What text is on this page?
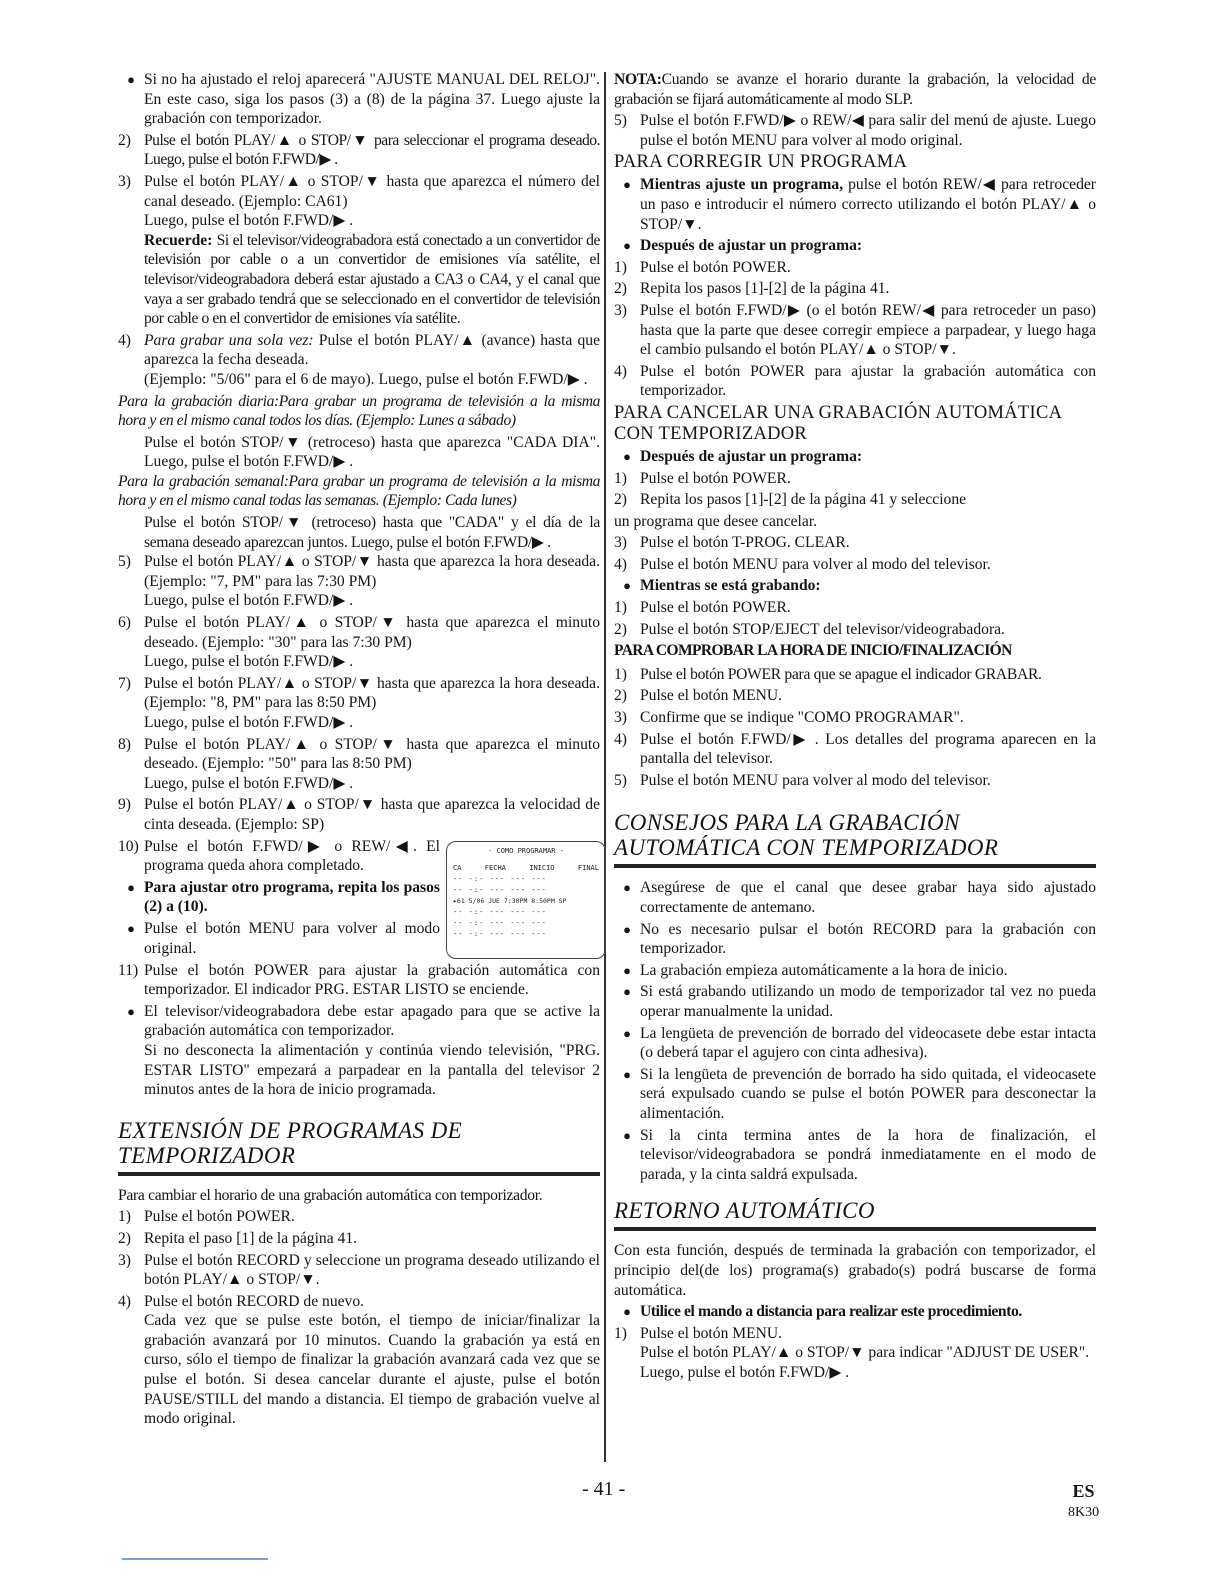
● Si no ha ajustado el reloj aparecerá "AJUSTE MANUAL DEL RELOJ". En este caso, siga los pasos (3) a (8) de la página 37. Luego ajuste la grabación con temporizador.
2) Pulse el botón PLAY/▲ o STOP/▼ para seleccionar el programa deseado. Luego, pulse el botón F.FWD/▶ .
3) Pulse el botón PLAY/▲ o STOP/▼ hasta que aparezca el número del canal deseado. (Ejemplo: CA61)
Luego, pulse el botón F.FWD/▶ .
Recuerde: Si el televisor/videograbadora está conectado a un convertidor de televisión por cable o a un convertidor de emisiones vía satélite, el televisor/videograbadora deberá estar ajustado a CA3 o CA4, y el canal que vaya a ser grabado tendrá que se seleccionado en el convertidor de televisión por cable o en el convertidor de emisiones vía satélite.
4) Para grabar una sola vez: Pulse el botón PLAY/▲ (avance) hasta que aparezca la fecha deseada.
(Ejemplo: "5/06" para el 6 de mayo). Luego, pulse el botón F.FWD/▶ .
Para la grabación diaria:Para grabar un programa de televisión a la misma hora y en el mismo canal todos los días. (Ejemplo: Lunes a sábado)
Pulse el botón STOP/▼ (retroceso) hasta que aparezca "CADA DIA". Luego, pulse el botón F.FWD/▶ .
Para la grabación semanal:Para grabar un programa de televisión a la misma hora y en el mismo canal todas las semanas. (Ejemplo: Cada lunes)
Pulse el botón STOP/▼ (retroceso) hasta que "CADA" y el día de la semana deseado aparezcan juntos. Luego, pulse el botón F.FWD/▶ .
5) Pulse el botón PLAY/▲ o STOP/▼ hasta que aparezca la hora deseada. (Ejemplo: "7, PM" para las 7:30 PM)
Luego, pulse el botón F.FWD/▶ .
6) Pulse el botón PLAY/▲ o STOP/▼ hasta que aparezca el minuto deseado. (Ejemplo: "30" para las 7:30 PM)
Luego, pulse el botón F.FWD/▶ .
7) Pulse el botón PLAY/▲ o STOP/▼ hasta que aparezca la hora deseada. (Ejemplo: "8, PM" para las 8:50 PM)
Luego, pulse el botón F.FWD/▶ .
8) Pulse el botón PLAY/▲ o STOP/▼ hasta que aparezca el minuto deseado. (Ejemplo: "50" para las 8:50 PM)
Luego, pulse el botón F.FWD/▶ .
9) Pulse el botón PLAY/▲ o STOP/▼ hasta que aparezca la velocidad de cinta deseada. (Ejemplo: SP)
- COMO PROGRAMAR -
CA	FECHA	INICIO	FINAL
-- -:- --- --- ---
-- -:- --- --- ---
▸61 5/06 JUE 7:30PM 8:50PM SP
-- -:- --- --- ---
-- -:- --- --- ---
-- -:- --- --- ---
10) Pulse el botón F.FWD/▶ o REW/◀. El programa queda ahora completado.
● Para ajustar otro programa, repita los pasos (2) a (10).
● Pulse el botón MENU para volver al modo original.
11) Pulse el botón POWER para ajustar la grabación automática con temporizador. El indicador PRG. ESTAR LISTO se enciende.
● El televisor/videograbadora debe estar apagado para que se active la grabación automática con temporizador.
Si no desconecta la alimentación y continúa viendo televisión, "PRG. ESTAR LISTO" empezará a parpadear en la pantalla del televisor 2 minutos antes de la hora de inicio programada.
EXTENSIÓN DE PROGRAMAS DE TEMPORIZADOR
Para cambiar el horario de una grabación automática con temporizador.
1) Pulse el botón POWER.
2) Repita el paso [1] de la página 41.
3) Pulse el botón RECORD y seleccione un programa deseado utilizando el botón PLAY/▲ o STOP/▼.
4) Pulse el botón RECORD de nuevo.
Cada vez que se pulse este botón, el tiempo de iniciar/finalizar la grabación avanzará por 10 minutos. Cuando la grabación ya está en curso, sólo el tiempo de finalizar la grabación avanzará cada vez que se pulse el botón. Si desea cancelar durante el ajuste, pulse el botón PAUSE/STILL del mando a distancia. El tiempo de grabación vuelve al modo original.
NOTA:Cuando se avanze el horario durante la grabación, la velocidad de grabación se fijará automáticamente al modo SLP.
5) Pulse el botón F.FWD/▶ o REW/◀ para salir del menú de ajuste. Luego pulse el botón MENU para volver al modo original.
PARA CORREGIR UN PROGRAMA
● Mientras ajuste un programa, pulse el botón REW/◀ para retroceder un paso e introducir el número correcto utilizando el botón PLAY/▲ o STOP/▼.
● Después de ajustar un programa:
1) Pulse el botón POWER.
2) Repita los pasos [1]-[2] de la página 41.
3) Pulse el botón F.FWD/▶ (o el botón REW/◀ para retroceder un paso) hasta que la parte que desee corregir empiece a parpadear, y luego haga el cambio pulsando el botón PLAY/▲ o STOP/▼.
4) Pulse el botón POWER para ajustar la grabación automática con temporizador.
PARA CANCELAR UNA GRABACIÓN AUTOMÁTICA CON TEMPORIZADOR
● Después de ajustar un programa:
1) Pulse el botón POWER.
2) Repita los pasos [1]-[2] de la página 41 y seleccione
un programa que desee cancelar.
3) Pulse el botón T-PROG. CLEAR.
4) Pulse el botón MENU para volver al modo del televisor.
● Mientras se está grabando:
1) Pulse el botón POWER.
2) Pulse el botón STOP/EJECT del televisor/videograbadora.
PARA COMPROBAR LA HORA DE INICIO/FINALIZACIÓN
1) Pulse el botón POWER para que se apague el indicador GRABAR.
2) Pulse el botón MENU.
3) Confirme que se indique "COMO PROGRAMAR".
4) Pulse el botón F.FWD/▶ . Los detalles del programa aparecen en la pantalla del televisor.
5) Pulse el botón MENU para volver al modo del televisor.
CONSEJOS PARA LA GRABACIÓN AUTOMÁTICA CON TEMPORIZADOR
● Asegúrese de que el canal que desee grabar haya sido ajustado correctamente de antemano.
● No es necesario pulsar el botón RECORD para la grabación con temporizador.
● La grabación empieza automáticamente a la hora de inicio.
● Si está grabando utilizando un modo de temporizador tal vez no pueda operar manualmente la unidad.
● La lengüeta de prevención de borrado del videocasete debe estar intacta (o deberá tapar el agujero con cinta adhesiva).
● Si la lengüeta de prevención de borrado ha sido quitada, el videocasete será expulsado cuando se pulse el botón POWER para desconectar la alimentación.
● Si la cinta termina antes de la hora de finalización, el televisor/videograbadora se pondrá inmediatamente en el modo de parada, y la cinta saldrá expulsada.
RETORNO AUTOMÁTICO
Con esta función, después de terminada la grabación con temporizador, el principio del(de los) programa(s) grabado(s) podrá buscarse de forma automática.
● Utilice el mando a distancia para realizar este procedimiento.
1) Pulse el botón MENU.
Pulse el botón PLAY/▲ o STOP/▼ para indicar "ADJUST DE USER".
Luego, pulse el botón F.FWD/▶ .
- 41 -	ES
8K30
